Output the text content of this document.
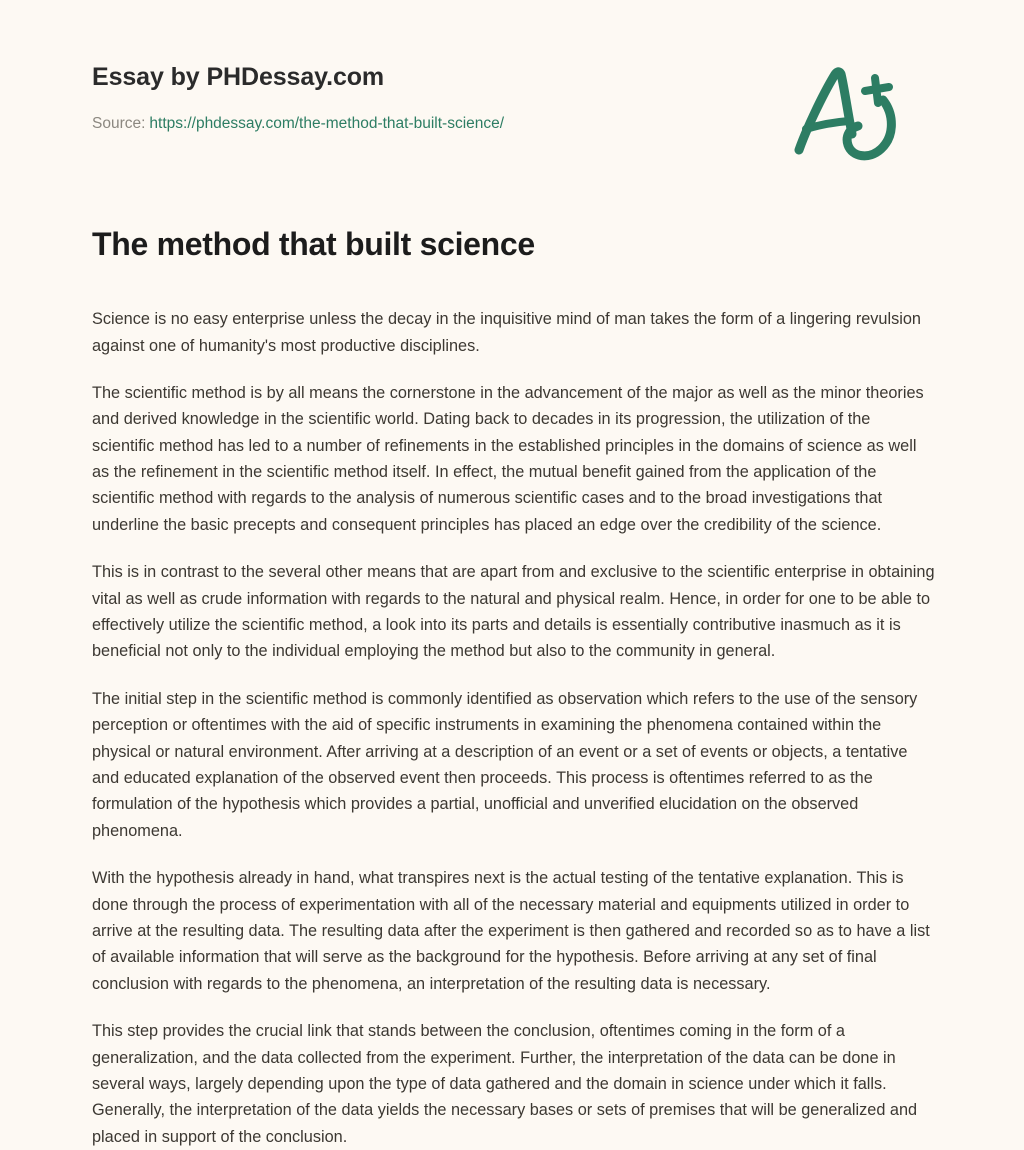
Essay by PHDessay.com
Source: https://phdessay.com/the-method-that-built-science/
The method that built science

Science is no easy enterprise unless the decay in the inquisitive mind of man takes the form of a lingering revulsion against one of humanity's most productive disciplines.

The scientific method is by all means the cornerstone in the advancement of the major as well as the minor theories and derived knowledge in the scientific world. Dating back to decades in its progression, the utilization of the scientific method has led to a number of refinements in the established principles in the domains of science as well as the refinement in the scientific method itself. In effect, the mutual benefit gained from the application of the scientific method with regards to the analysis of numerous scientific cases and to the broad investigations that underline the basic precepts and consequent principles has placed an edge over the credibility of the science.

This is in contrast to the several other means that are apart from and exclusive to the scientific enterprise in obtaining vital as well as crude information with regards to the natural and physical realm. Hence, in order for one to be able to effectively utilize the scientific method, a look into its parts and details is essentially contributive inasmuch as it is beneficial not only to the individual employing the method but also to the community in general.

The initial step in the scientific method is commonly identified as observation which refers to the use of the sensory perception or oftentimes with the aid of specific instruments in examining the phenomena contained within the physical or natural environment. After arriving at a description of an event or a set of events or objects, a tentative and educated explanation of the observed event then proceeds. This process is oftentimes referred to as the formulation of the hypothesis which provides a partial, unofficial and unverified elucidation on the observed phenomena.

With the hypothesis already in hand, what transpires next is the actual testing of the tentative explanation. This is done through the process of experimentation with all of the necessary material and equipments utilized in order to arrive at the resulting data. The resulting data after the experiment is then gathered and recorded so as to have a list of available information that will serve as the background for the hypothesis. Before arriving at any set of final conclusion with regards to the phenomena, an interpretation of the resulting data is necessary.

This step provides the crucial link that stands between the conclusion, oftentimes coming in the form of a generalization, and the data collected from the experiment. Further, the interpretation of the data can be done in several ways, largely depending upon the type of data gathered and the domain in science under which it falls. Generally, the interpretation of the data yields the necessary bases or sets of premises that will be generalized and placed in support of the conclusion.
